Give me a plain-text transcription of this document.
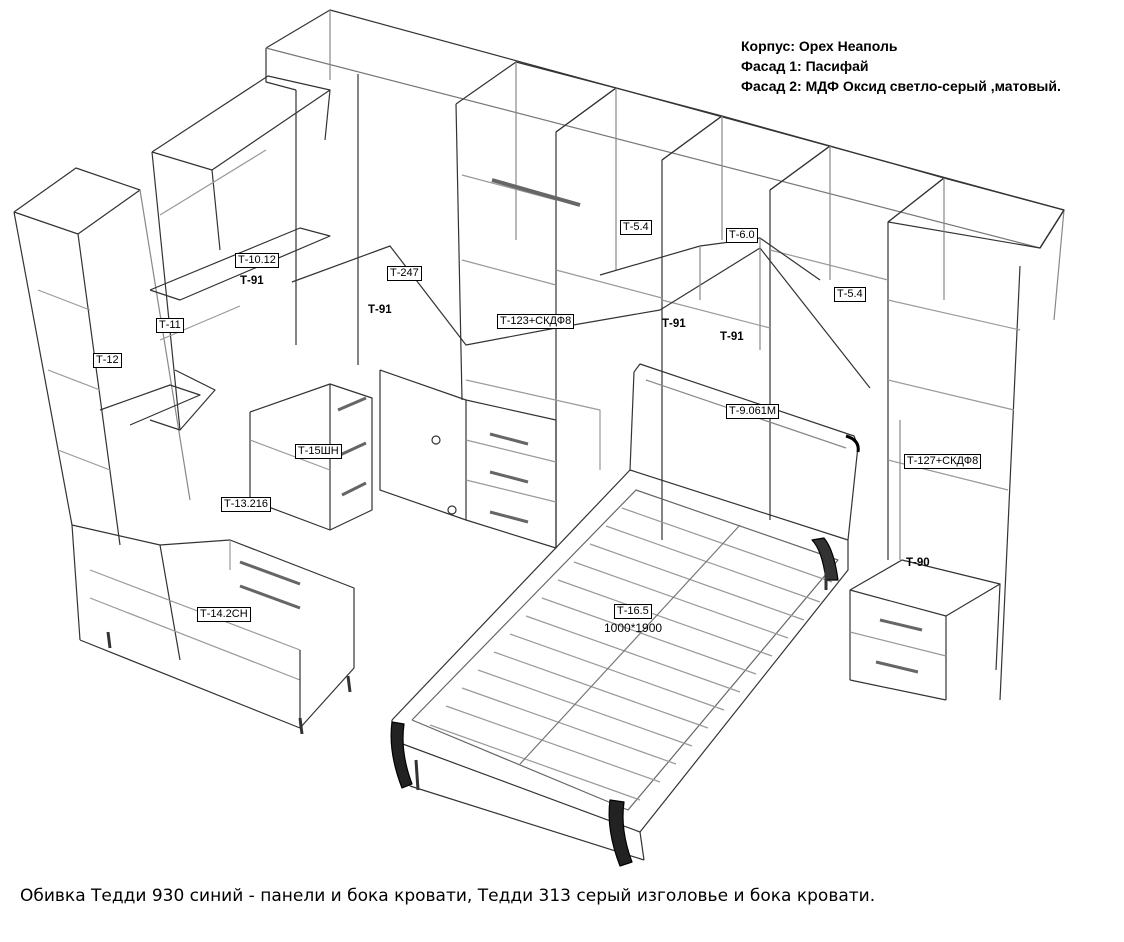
Корпус: Орех Неаполь
Фасад 1: Пасифай
Фасад 2: МДФ Оксид светло-серый ,матовый.
Т-10.12
Т-91
Т-247
Т-91
Т-11
Т-12
Т-5.4
Т-6.0
Т-5.4
Т-123+СКДФ8	Т-91
Т-91
Т-9.061М
Т-15ШН
Т-127+СКДФ8
Т-13.216
Т-90
Т-14.2СН	Т-16.5
1000*1900
Обивка Тедди 930 синий - панели и бока кровати, Тедди 313 серый изголовье и бока кровати.
